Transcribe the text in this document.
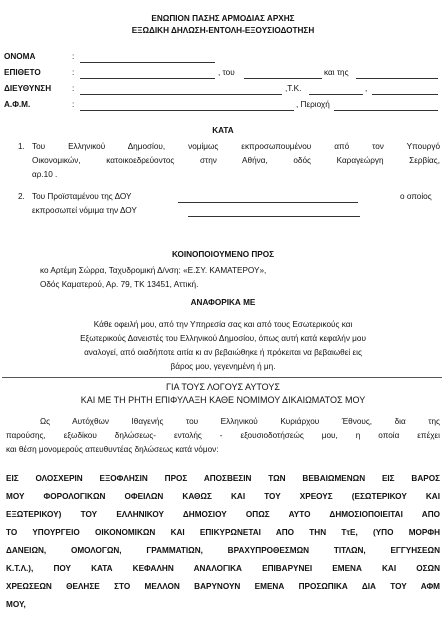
ΕΝΩΠΙΟΝ ΠΑΣΗΣ ΑΡΜΟΔΙΑΣ ΑΡΧΗΣ
ΕΞΩΔΙΚΗ ΔΗΛΩΣΗ-ΕΝΤΟΛΗ-ΕΞΟΥΣΙΟΔΟΤΗΣΗ
ΟΝΟΜΑ	:
ΕΠΙΘΕΤΟ	:	, του	και της
ΔΙΕΥΘΥΝΣΗ	:	,Τ.Κ.	,
Α.Φ.Μ.	:	, Περιοχή
ΚΑΤΑ
1. Του Ελληνικού Δημοσίου, νομίμως εκπροσωπουμένου από τον Υπουργό
Οικονομικών, κατοικοεδρεύοντος στην Αθήνα, οδός Καραγεώργη Σερβίας,
αρ.10 .
2. Του Προϊσταμένου της ΔΟΥ	ο οποίος
εκπροσωπεί νόμιμα την ΔΟΥ
ΚΟΙΝΟΠΟΙΟΥΜΕΝΟ ΠΡΟΣ
κο Αρτέμη Σώρρα, Ταχυδρομική Δ/νση: «Ε.ΣΥ. ΚΑΜΑΤΕΡΟΥ»,
Οδός Καματερού, Αρ. 79, ΤΚ 13451, Αττική.
ΑΝΑΦΟΡΙΚΑ ΜΕ
Κάθε οφειλή μου, από την Υπηρεσία σας και από τους Εσωτερικούς και
Εξωτερικούς Δανειστές του Ελληνικού Δημοσίου, όπως αυτή κατά κεφαλήν μου
αναλογεί, από οιαδήποτε αιτία κι αν βεβαιώθηκε ή πρόκειται να βεβαιωθεί εις
βάρος μου, γεγενημένη ή μη.
ΓΙΑ ΤΟΥΣ ΛΟΓΟΥΣ ΑΥΤΟΥΣ
ΚΑΙ ΜΕ ΤΗ ΡΗΤΗ ΕΠΙΦΥΛΑΞΗ ΚΑΘΕ ΝΟΜΙΜΟΥ ΔΙΚΑΙΩΜΑΤΟΣ ΜΟΥ
Ως Αυτόχθων Ιθαγενής του Ελληνικού Κυριάρχου Έθνους, δια της
παρούσης, εξωδίκου δηλώσεως- εντολής - εξουσιοδοτήσεώς μου, η οποία επέχει
και θέση μονομερούς απευθυντέας δηλώσεως κατά νόμον:
ΕΙΣ ΟΛΟΣΧΕΡΙΝ ΕΞΟΦΛΗΣΙΝ ΠΡΟΣ ΑΠΟΣΒΕΣΙΝ ΤΩΝ ΒΕΒΑΙΩΜΕΝΩΝ ΕΙΣ ΒΑΡΟΣ
ΜΟΥ ΦΟΡΟΛΟΓΙΚΩΝ ΟΦΕΙΛΩΝ ΚΑΘΩΣ ΚΑΙ ΤΟΥ ΧΡΕΟΥΣ (ΕΣΩΤΕΡΙΚΟΥ ΚΑΙ
ΕΞΩΤΕΡΙΚΟΥ) ΤΟΥ ΕΛΛΗΝΙΚΟΥ ΔΗΜΟΣΙΟΥ ΟΠΩΣ ΑΥΤΟ ΔΗΜΟΣΙΟΠΟΙΕΙΤΑΙ ΑΠΟ
ΤΟ ΥΠΟΥΡΓΕΙΟ ΟΙΚΟΝΟΜΙΚΩΝ ΚΑΙ ΕΠΙΚΥΡΩΝΕΤΑΙ ΑΠΟ ΤΗΝ ΤτΕ, (ΥΠΟ ΜΟΡΦΗ
ΔΑΝΕΙΩΝ, ΟΜΟΛΟΓΩΝ, ΓΡΑΜΜΑΤΙΩΝ, ΒΡΑΧΥΠΡΟΘΕΣΜΩΝ ΤΙΤΛΩΝ, ΕΓΓΥΗΣΕΩΝ
Κ.Τ.Λ.), ΠΟΥ ΚΑΤΑ ΚΕΦΑΛΗΝ ΑΝΑΛΟΓΙΚΑ ΕΠΙΒΑΡΥΝΕΙ ΕΜΕΝΑ ΚΑΙ ΟΣΩΝ
ΧΡΕΩΣΕΩΝ ΘΕΛΗΣΕ ΣΤΟ ΜΕΛΛΟΝ ΒΑΡΥΝΟΥΝ ΕΜΕΝΑ ΠΡΟΣΩΠΙΚΑ ΔΙΑ ΤΟΥ ΑΦΜ
ΜΟΥ,
